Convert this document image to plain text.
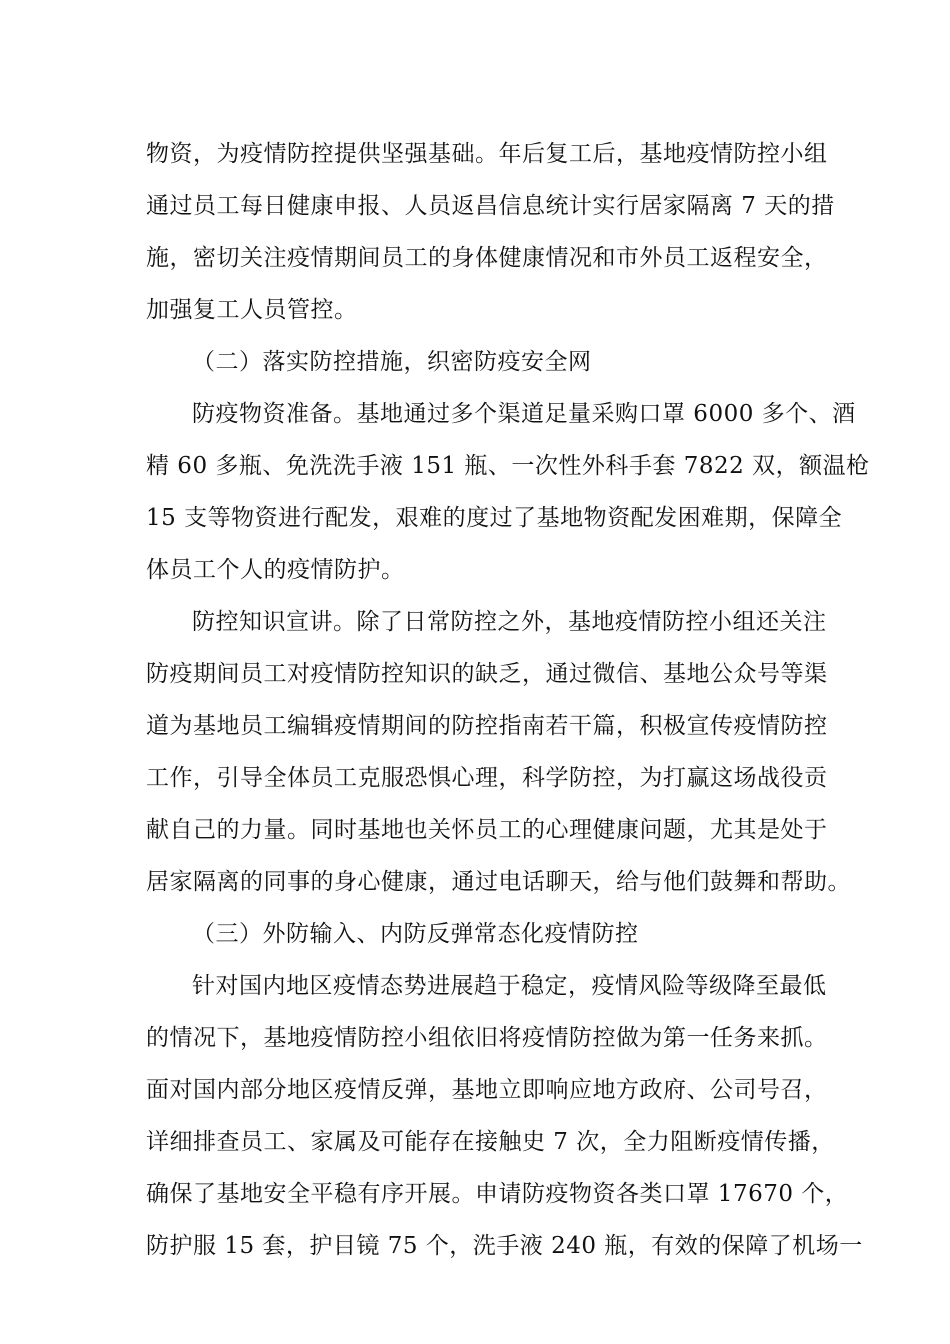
物资，为疫情防控提供坚强基础。年后复工后，基地疫情防控小组
通过员工每日健康申报、人员返昌信息统计实行居家隔离 7 天的措
施，密切关注疫情期间员工的身体健康情况和市外员工返程安全，
加强复工人员管控。
（二）落实防控措施，织密防疫安全网
防疫物资准备。基地通过多个渠道足量采购口罩 6000 多个、酒
精 60 多瓶、免洗洗手液 151 瓶、一次性外科手套 7822 双，额温枪
15 支等物资进行配发，艰难的度过了基地物资配发困难期，保障全
体员工个人的疫情防护。
防控知识宣讲。除了日常防控之外，基地疫情防控小组还关注
防疫期间员工对疫情防控知识的缺乏，通过微信、基地公众号等渠
道为基地员工编辑疫情期间的防控指南若干篇，积极宣传疫情防控
工作，引导全体员工克服恐惧心理，科学防控，为打赢这场战役贡
献自己的力量。同时基地也关怀员工的心理健康问题，尤其是处于
居家隔离的同事的身心健康，通过电话聊天，给与他们鼓舞和帮助。
（三）外防输入、内防反弹常态化疫情防控
针对国内地区疫情态势进展趋于稳定，疫情风险等级降至最低
的情况下，基地疫情防控小组依旧将疫情防控做为第一任务来抓。
面对国内部分地区疫情反弹，基地立即响应地方政府、公司号召，
详细排查员工、家属及可能存在接触史 7 次，全力阻断疫情传播，
确保了基地安全平稳有序开展。申请防疫物资各类口罩 17670 个，
防护服 15 套，护目镜 75 个，洗手液 240 瓶，有效的保障了机场一
